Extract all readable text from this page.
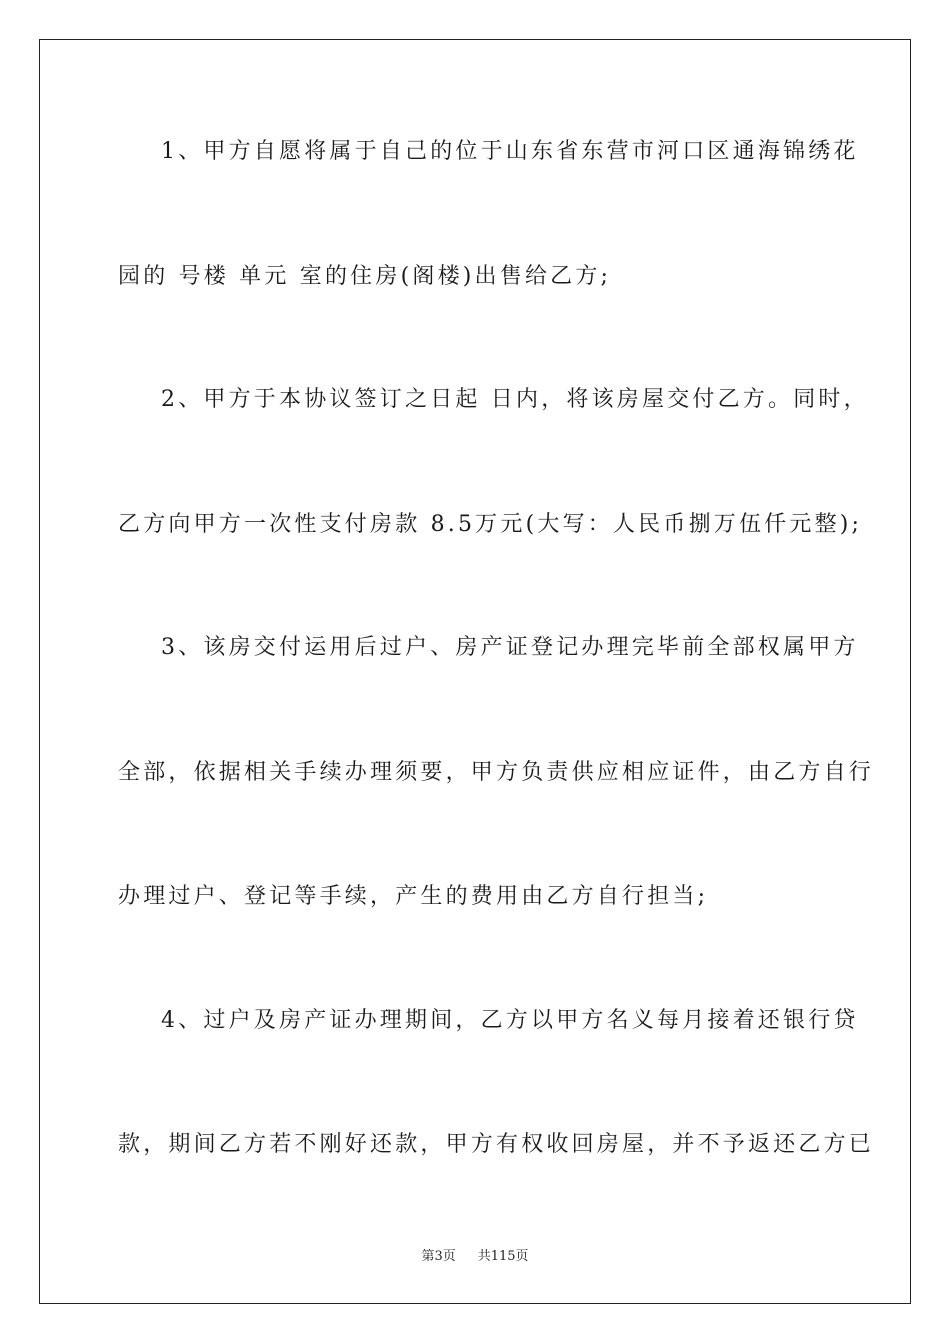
1、甲方自愿将属于自己的位于山东省东营市河口区通海锦绣花
园的 号楼 单元 室的住房(阁楼)出售给乙方;
2、甲方于本协议签订之日起 日内，将该房屋交付乙方。同时，
乙方向甲方一次性支付房款 8.5万元(大写：人民币捌万伍仟元整);
3、该房交付运用后过户、房产证登记办理完毕前全部权属甲方
全部，依据相关手续办理须要，甲方负责供应相应证件，由乙方自行
办理过户、登记等手续，产生的费用由乙方自行担当;
4、过户及房产证办理期间，乙方以甲方名义每月接着还银行贷
款，期间乙方若不刚好还款，甲方有权收回房屋，并不予返还乙方已
第3页 共115页
